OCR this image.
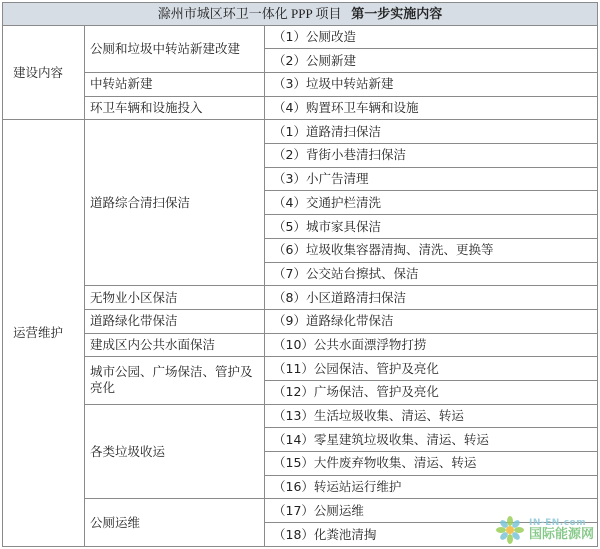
滁州市城区环卫一体化 PPP 项目 第一步实施内容		
建设内容	公厕和垃圾中转站新建改建	（1）公厕改造
		（2）公厕新建
	中转站新建	（3）垃圾中转站新建
	环卫车辆和设施投入	（4）购置环卫车辆和设施
运营维护	道路综合清扫保洁	（1）道路清扫保洁
		（2）背街小巷清扫保洁
		（3）小广告清理
		（4）交通护栏清洗
		（5）城市家具保洁
		（6）垃圾收集容器清掏、清洗、更换等
		（7）公交站台擦拭、保洁
	无物业小区保洁	（8）小区道路清扫保洁
	道路绿化带保洁	（9）道路绿化带保洁
	建成区内公共水面保洁	（10）公共水面漂浮物打捞
	城市公园、广场保洁、管护及亮化	（11）公园保洁、管护及亮化
		（12）广场保洁、管护及亮化
	各类垃圾收运	（13）生活垃圾收集、清运、转运
		（14）零星建筑垃圾收集、清运、转运
		（15）大件废弃物收集、清运、转运
		（16）转运站运行维护
	公厕运维	（17）公厕运维
		（18）化粪池清掏
IN-EN.com
国际能源网
